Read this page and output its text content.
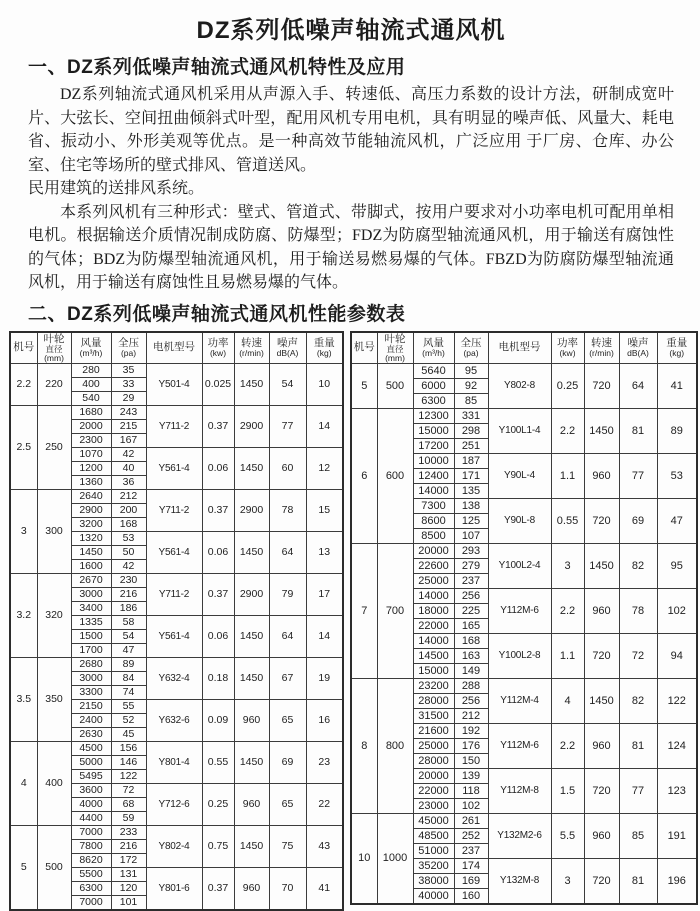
DZ系列低噪声轴流式通风机
一、DZ系列低噪声轴流式通风机特性及应用

DZ系列轴流式通风机采用从声源入手、转速低、高压力系数的设计方法，研制成宽叶片、大弦长、空间扭曲倾斜式叶型，配用风机专用电机，具有明显的噪声低、风量大、耗电省、振动小、外形美观等优点。是一种高效节能轴流风机，广泛应用 于厂房、仓库、办公室、住宅等场所的壁式排风、管道送风。

民用建筑的送排风系统。

本系列风机有三种形式：壁式、管道式、带脚式，按用户要求对小功率电机可配用单相电机。根据输送介质情况制成防腐、防爆型；FDZ为防腐型轴流通风机，用于输送有腐蚀性的气体；BDZ为防爆型轴流通风机，用于输送易燃易爆的气体。FBZD为防腐防爆型轴流通风机，用于输送有腐蚀性且易燃易爆的气体。

二、DZ系列低噪声轴流式通风机性能参数表
机号	叶轮
直径
(mm)	风量
(m³/h)	全压
(pa)	电机型号	功率
(kw)	转速
(r/min)	噪声
dB(A)	重量
(kg)

2.2	220	280	35	Y501-4	0.025	1450	54	10
		400	33					
		540	29					
2.5	250	1680	243	Y711-2	0.37	2900	77	14
		2000	215					
		2300	167					
		1070	42	Y561-4	0.06	1450	60	12
		1200	40					
		1360	36					
3	300	2640	212	Y711-2	0.37	2900	78	15
		2900	200					
		3200	168					
		1320	53	Y561-4	0.06	1450	64	13
		1450	50					
		1600	42					
3.2	320	2670	230	Y711-2	0.37	2900	79	17
		3000	216					
		3400	186					
		1335	58	Y561-4	0.06	1450	64	14
		1500	54					
		1700	47					
3.5	350	2680	89	Y632-4	0.18	1450	67	19
		3000	84					
		3300	74					
		2150	55	Y632-6	0.09	960	65	16
		2400	52					
		2630	45					
4	400	4500	156	Y801-4	0.55	1450	69	23
		5000	146					
		5495	122					
		3600	72	Y712-6	0.25	960	65	22
		4000	68					
		4400	59					
5	500	7000	233	Y802-4	0.75	1450	75	43
		7800	216					
		8620	172					
		5500	131	Y801-6	0.37	960	70	41
		6300	120					
		7000	101					
机号	叶轮
直径
(mm)	风量
(m³/h)	全压
(pa)	电机型号	功率
(kw)	转速
(r/min)	噪声
dB(A)	重量
(kg)

5	500	5640	95	Y802-8	0.25	720	64	41
		6000	92					
		6300	85					
6	600	12300	331	Y100L1-4	2.2	1450	81	89
		15000	298					
		17200	251					
		10000	187	Y90L-4	1.1	960	77	53
		12400	171					
		14000	135					
		7300	138	Y90L-8	0.55	720	69	47
		8600	125					
		8500	107					
7	700	20000	293	Y100L2-4	3	1450	82	95
		22600	279					
		25000	237					
		14000	256	Y112M-6	2.2	960	78	102
		18000	225					
		22000	165					
		14000	168	Y100L2-8	1.1	720	72	94
		14500	163					
		15000	149					
8	800	23200	288	Y112M-4	4	1450	82	122
		28000	256					
		31500	212					
		21600	192	Y112M-6	2.2	960	81	124
		25000	176					
		28000	150					
		20000	139	Y112M-8	1.5	720	77	123
		22000	118					
		23000	102					
10	1000	45000	261	Y132M2-6	5.5	960	85	191
		48500	252					
		51000	237					
		35200	174	Y132M-8	3	720	81	196
		38000	169					
		40000	160					
